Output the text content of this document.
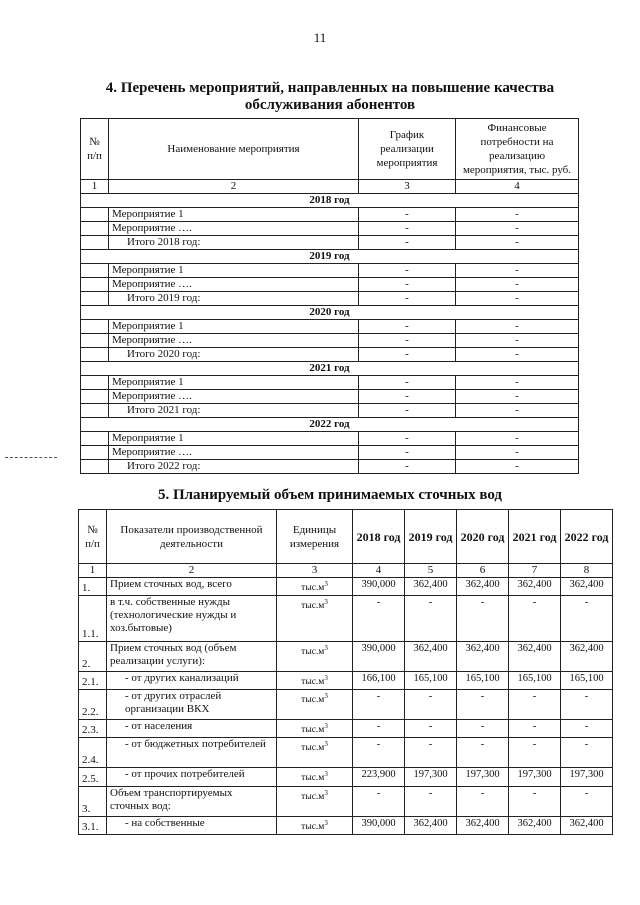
11
4. Перечень мероприятий, направленных на повышение качества
обслуживания абонентов
№ п/п	Наименование мероприятия	График реализации мероприятия	Финансовые потребности на реализацию мероприятия, тыс. руб.
1	2	3	4
2018 год			
	Мероприятие 1	-	-
	Мероприятие ….	-	-
	Итого 2018 год:	-	-
2019 год			
	Мероприятие 1	-	-
	Мероприятие ….	-	-
	Итого 2019 год:	-	-
2020 год			
	Мероприятие 1	-	-
	Мероприятие ….	-	-
	Итого 2020 год:	-	-
2021 год			
	Мероприятие 1	-	-
	Мероприятие ….	-	-
	Итого 2021 год:	-	-
2022 год			
	Мероприятие 1	-	-
	Мероприятие ….	-	-
	Итого 2022 год:	-	-
5. Планируемый объем принимаемых сточных вод
№ п/п	Показатели производственной деятельности	Единицы измерения	2018 год	2019 год	2020 год	2021 год	2022 год
1	2	3	4	5	6	7	8
1.	Прием сточных вод, всего	$тыс.м^3$	390,000	362,400	362,400	362,400	362,400
1.1.	в т.ч. собственные нужды (технологические нужды и хоз.бытовые)	$тыс.м^3$	-	-	-	-	-
2.	Прием сточных вод (объем реализации услуги):	$тыс.м^3$	390,000	362,400	362,400	362,400	362,400
2.1.	- от других канализаций	$тыс.м^3$	166,100	165,100	165,100	165,100	165,100
2.2.	- от других отраслей организации ВКХ	$тыс.м^3$	-	-	-	-	-
2.3.	- от населения	$тыс.м^3$	-	-	-	-	-
2.4.	- от бюджетных потребителей	$тыс.м^3$	-	-	-	-	-
2.5.	- от прочих потребителей	$тыс.м^3$	223,900	197,300	197,300	197,300	197,300
3.	Объем транспортируемых сточных вод:	$тыс.м^3$	-	-	-	-	-
3.1.	- на собственные	$тыс.м^3$	390,000	362,400	362,400	362,400	362,400
